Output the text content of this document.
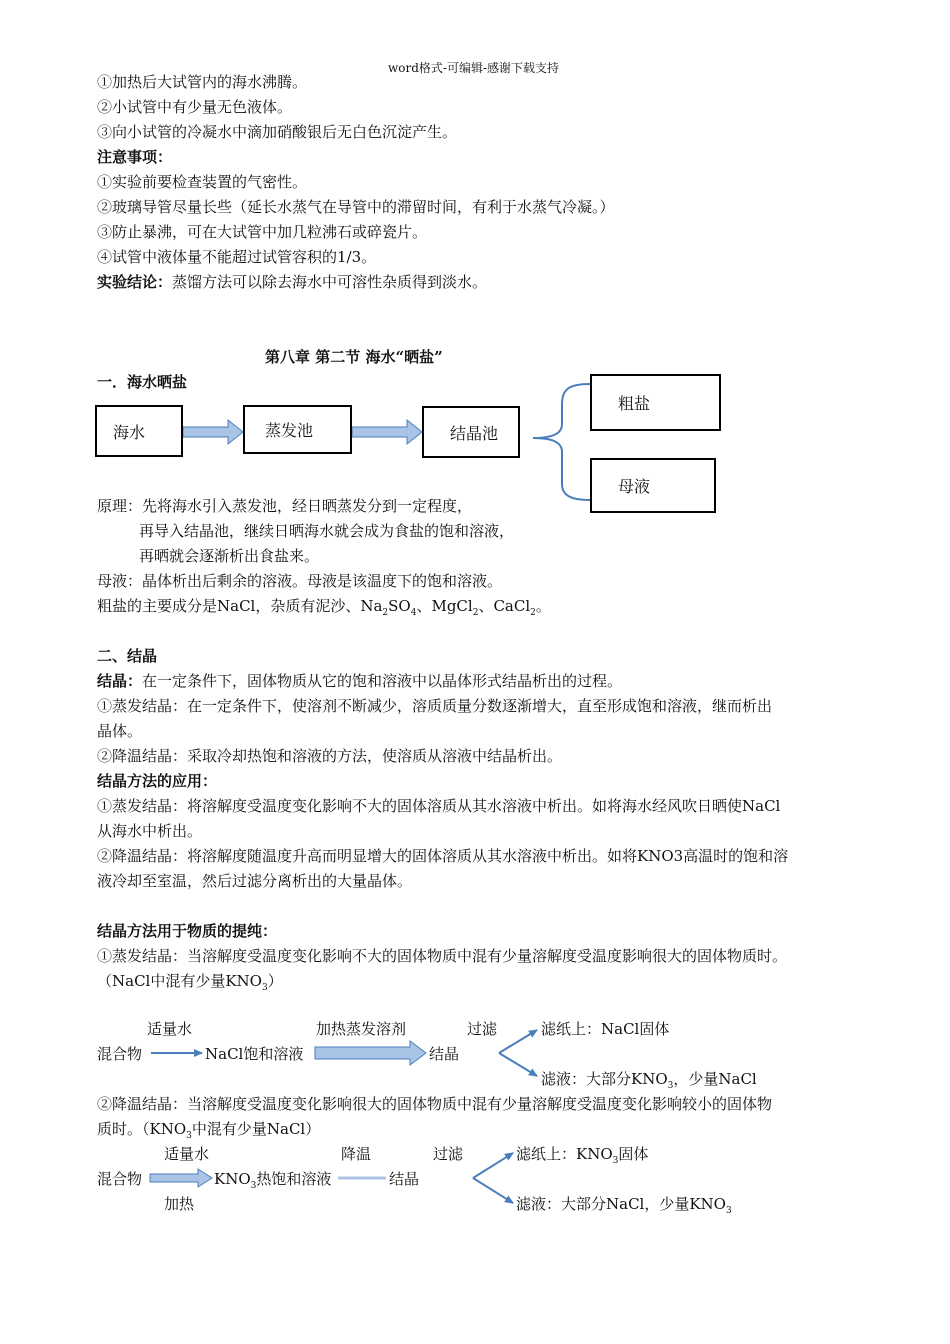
word格式-可编辑-感谢下载支持
①加热后大试管内的海水沸腾。
②小试管中有少量无色液体。
③向小试管的冷凝水中滴加硝酸银后无白色沉淀产生。
注意事项：
①实验前要检查装置的气密性。
②玻璃导管尽量长些（延长水蒸气在导管中的滞留时间，有利于水蒸气冷凝。）
③防止暴沸，可在大试管中加几粒沸石或碎瓷片。
④试管中液体量不能超过试管容积的1/3。
实验结论：蒸馏方法可以除去海水中可溶性杂质得到淡水。
第八章 第二节 海水“晒盐”
一．海水晒盐
海水	蒸发池	结晶池
粗盐
母液
原理：先将海水引入蒸发池，经日晒蒸发分到一定程度，
再导入结晶池，继续日晒海水就会成为食盐的饱和溶液，
再晒就会逐渐析出食盐来。
母液：晶体析出后剩余的溶液。母液是该温度下的饱和溶液。
粗盐的主要成分是NaCl，杂质有泥沙、$Na_2SO_4$、MgCl$_2$、CaCl$_2$。
二、结晶
结晶：在一定条件下，固体物质从它的饱和溶液中以晶体形式结晶析出的过程。
①蒸发结晶：在一定条件下，使溶剂不断减少，溶质质量分数逐渐增大，直至形成饱和溶液，继而析出
晶体。
②降温结晶：采取冷却热饱和溶液的方法，使溶质从溶液中结晶析出。
结晶方法的应用：
①蒸发结晶：将溶解度受温度变化影响不大的固体溶质从其水溶液中析出。如将海水经风吹日晒使NaCl
从海水中析出。
②降温结晶：将溶解度随温度升高而明显增大的固体溶质从其水溶液中析出。如将KNO3高温时的饱和溶
液冷却至室温，然后过滤分离析出的大量晶体。
结晶方法用于物质的提纯：
①蒸发结晶：当溶解度受温度变化影响不大的固体物质中混有少量溶解度受温度影响很大的固体物质时。
（NaCl中混有少量$KNO_3$）
适量水	加热蒸发溶剂	过滤	滤纸上：NaCl固体
混合物	NaCl饱和溶液	结晶
滤液：大部分$KNO_3$，少量NaCl
②降温结晶：当溶解度受温度变化影响很大的固体物质中混有少量溶解度受温度变化影响较小的固体物
质时。（$KNO_3$中混有少量NaCl）
适量水	降温	过滤	滤纸上：$KNO_3$固体
混合物	$KNO_3$热饱和溶液	结晶
加热	滤液：大部分NaCl，少量$KNO_3$
